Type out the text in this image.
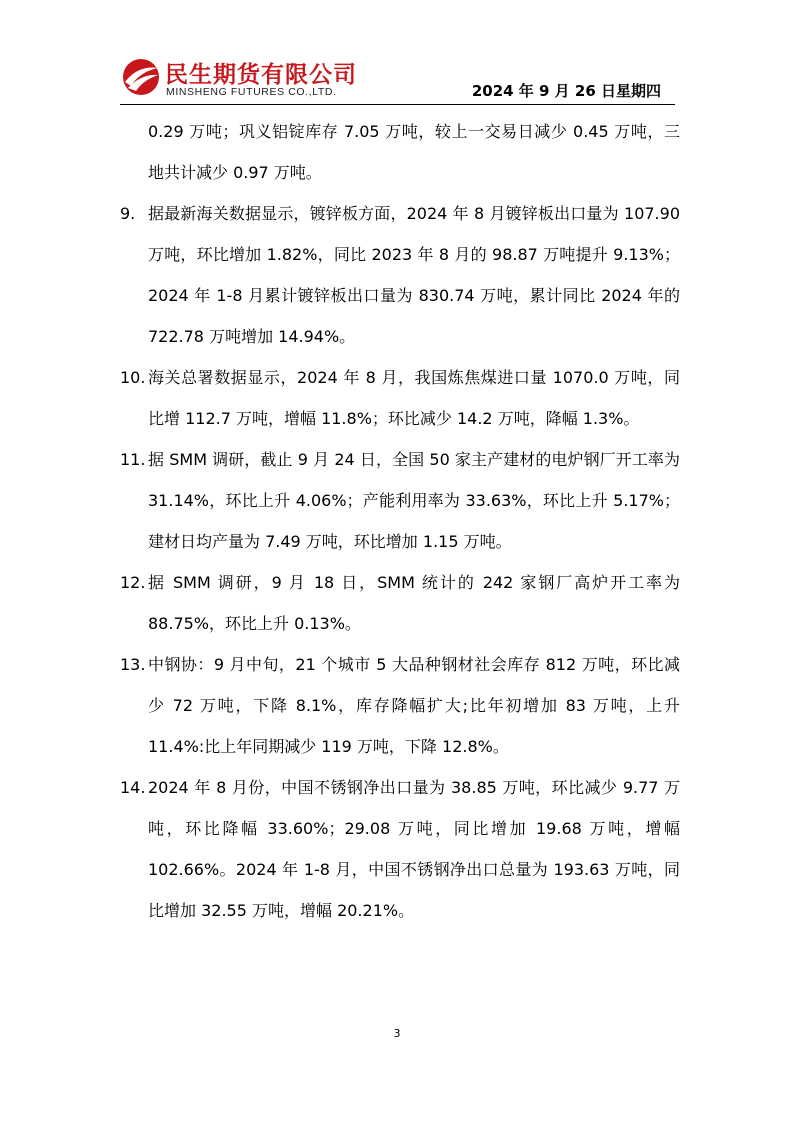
民生期货有限公司
MINSHENG FUTURES CO.,LTD.	2024 年 9 月 26 日星期四

0.29 万吨；巩义铝锭库存 7.05 万吨，较上一交易日减少 0.45 万吨，三地共计减少 0.97 万吨。

9. 据最新海关数据显示，镀锌板方面，2024 年 8 月镀锌板出口量为 107.90 万吨，环比增加 1.82%，同比 2023 年 8 月的 98.87 万吨提升 9.13%；2024 年 1-8 月累计镀锌板出口量为 830.74 万吨，累计同比 2024 年的 722.78 万吨增加 14.94%。
10. 海关总署数据显示，2024 年 8 月，我国炼焦煤进口量 1070.0 万吨，同比增 112.7 万吨，增幅 11.8%；环比减少 14.2 万吨，降幅 1.3%。
11. 据 SMM 调研，截止 9 月 24 日，全国 50 家主产建材的电炉钢厂开工率为 31.14%，环比上升 4.06%；产能利用率为 33.63%，环比上升 5.17%；建材日均产量为 7.49 万吨，环比增加 1.15 万吨。
12. 据 SMM 调研，9 月 18 日，SMM 统计的 242 家钢厂高炉开工率为 88.75%，环比上升 0.13%。
13. 中钢协：9 月中旬，21 个城市 5 大品种钢材社会库存 812 万吨，环比减少 72 万吨，下降 8.1%，库存降幅扩大;比年初增加 83 万吨，上升 11.4%:比上年同期减少 119 万吨，下降 12.8%。
14. 2024 年 8 月份，中国不锈钢净出口量为 38.85 万吨，环比减少 9.77 万吨，环比降幅 33.60%；29.08 万吨，同比增加 19.68 万吨，增幅 102.66%。2024 年 1-8 月，中国不锈钢净出口总量为 193.63 万吨，同比增加 32.55 万吨，增幅 20.21%。
3
